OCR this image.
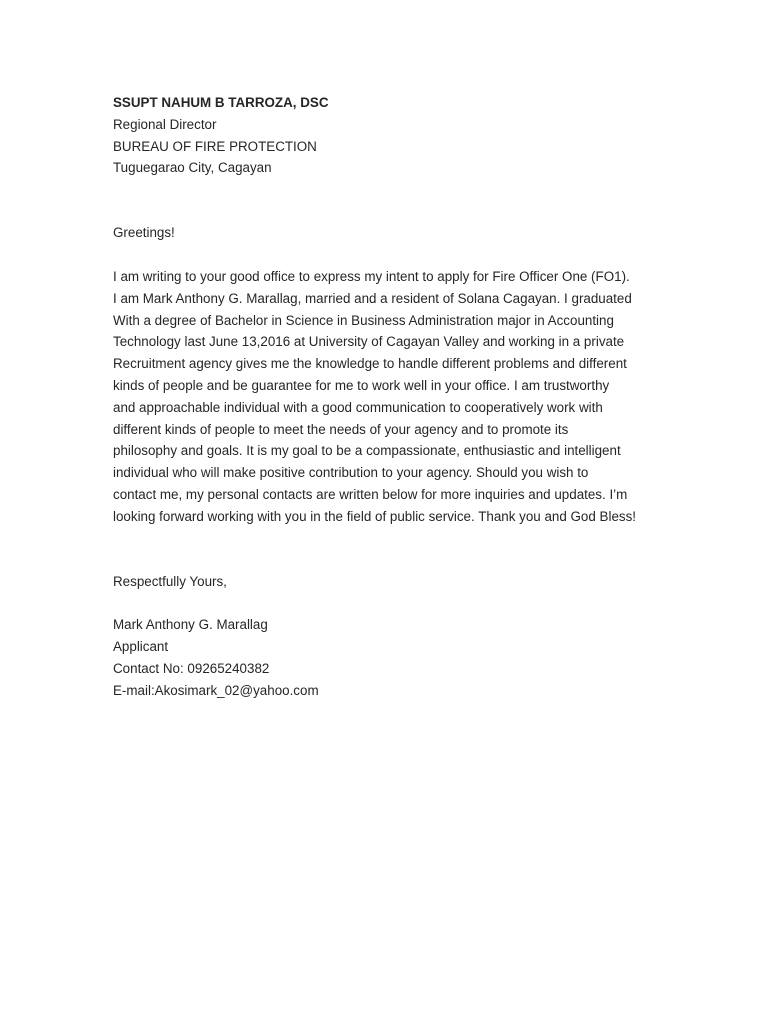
SSUPT NAHUM B TARROZA, DSC
Regional Director
BUREAU OF FIRE PROTECTION
Tuguegarao City, Cagayan
Greetings!
I am writing to your good office to express my intent to apply for Fire Officer One (FO1).
I am Mark Anthony G. Marallag, married and a resident of Solana Cagayan. I graduated
With a degree of Bachelor in Science in Business Administration major in Accounting
Technology last June 13,2016 at University of Cagayan Valley and working in a private
Recruitment agency gives me the knowledge to handle different problems and different
kinds of people and be guarantee for me to work well in your office. I am trustworthy
and approachable individual with a good communication to cooperatively work with
different kinds of people to meet the needs of your agency and to promote its
philosophy and goals. It is my goal to be a compassionate, enthusiastic and intelligent
individual who will make positive contribution to your agency. Should you wish to
contact me, my personal contacts are written below for more inquiries and updates. I’m
looking forward working with you in the field of public service. Thank you and God Bless!
Respectfully Yours,
Mark Anthony G. Marallag
Applicant
Contact No: 09265240382
E-mail:Akosimark_02@yahoo.com
